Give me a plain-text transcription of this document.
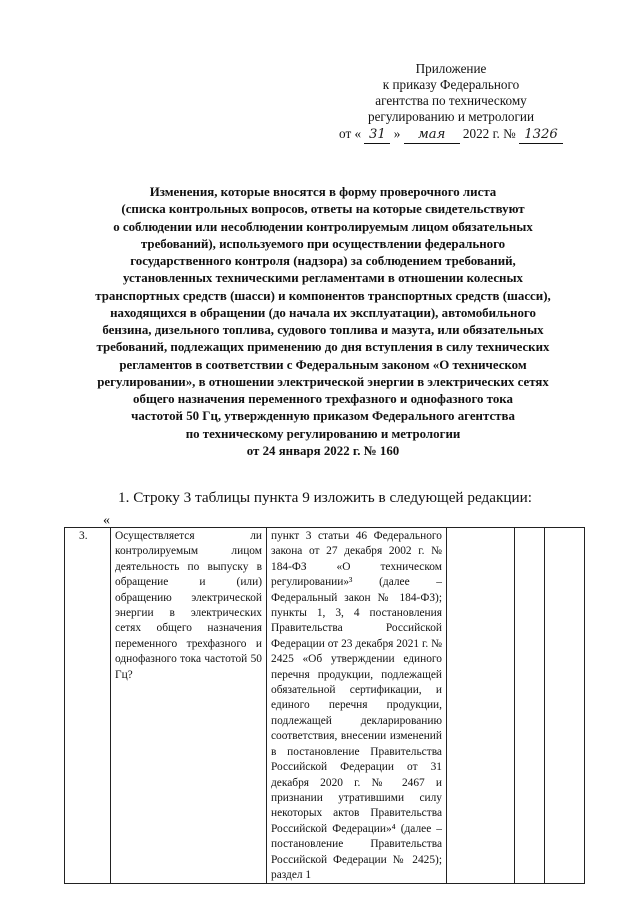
Приложение
к приказу Федерального
агентства по техническому
регулированию и метрологии
от « 31 » мая 2022 г. № 1326
Изменения, которые вносятся в форму проверочного листа
(списка контрольных вопросов, ответы на которые свидетельствуют
о соблюдении или несоблюдении контролируемым лицом обязательных
требований), используемого при осуществлении федерального
государственного контроля (надзора) за соблюдением требований,
установленных техническими регламентами в отношении колесных
транспортных средств (шасси) и компонентов транспортных средств (шасси),
находящихся в обращении (до начала их эксплуатации), автомобильного
бензина, дизельного топлива, судового топлива и мазута, или обязательных
требований, подлежащих применению до дня вступления в силу технических
регламентов в соответствии с Федеральным законом «О техническом
регулировании», в отношении электрической энергии в электрических сетях
общего назначения переменного трехфазного и однофазного тока
частотой 50 Гц, утвержденную приказом Федерального агентства
по техническому регулированию и метрологии
от 24 января 2022 г. № 160
1. Строку 3 таблицы пункта 9 изложить в следующей редакции:
«
3.	Осуществляется ли контролируемым лицом деятельность по выпуску в обращение и (или) обращению электрической энергии в электрических сетях общего назначения переменного трехфазного и однофазного тока частотой 50 Гц?	пункт 3 статьи 46 Федерального закона от 27 декабря 2002 г. № 184-ФЗ «О техническом регулировании»³ (далее – Федеральный закон № 184-ФЗ); пункты 1, 3, 4 постановления Правительства Российской Федерации от 23 декабря 2021 г. № 2425 «Об утверждении единого перечня продукции, подлежащей обязательной сертификации, и единого перечня продукции, подлежащей декларированию соответствия, внесении изменений в постановление Правительства Российской Федерации от 31 декабря 2020 г. № 2467 и признании утратившими силу некоторых актов Правительства Российской Федерации»⁴ (далее – постановление Правительства Российской Федерации № 2425); раздел 1			
